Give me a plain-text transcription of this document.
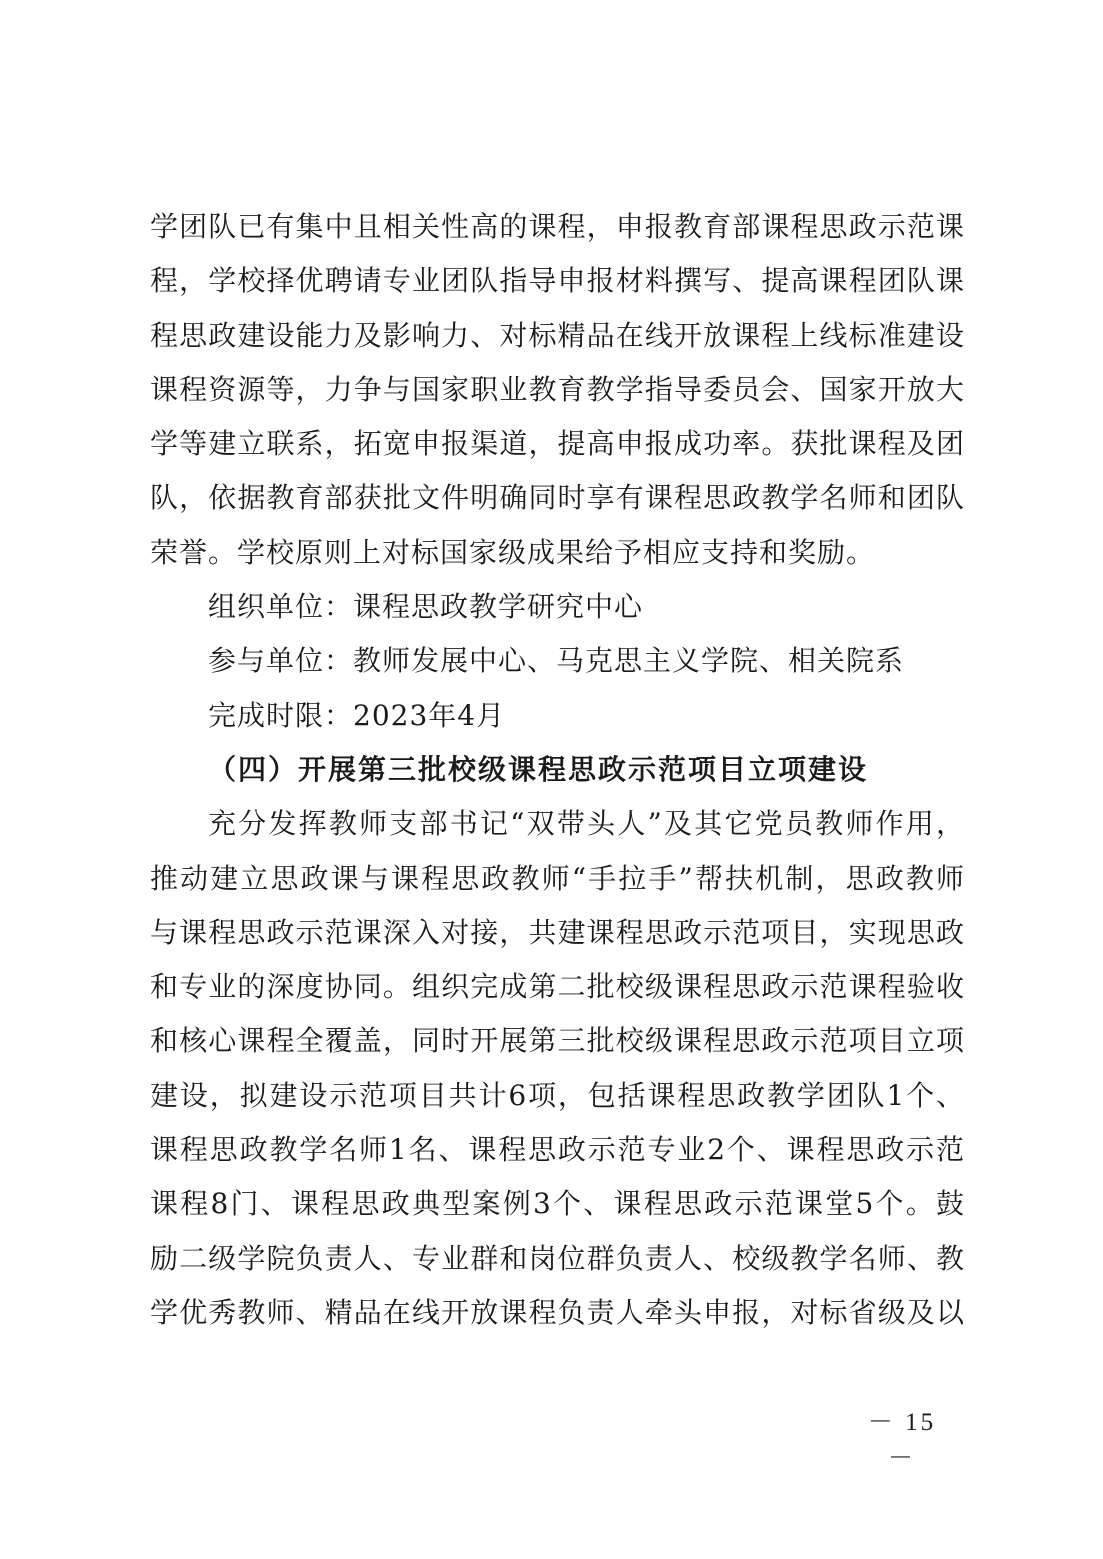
学团队已有集中且相关性高的课程，申报教育部课程思政示范课
程，学校择优聘请专业团队指导申报材料撰写、提高课程团队课
程思政建设能力及影响力、对标精品在线开放课程上线标准建设
课程资源等，力争与国家职业教育教学指导委员会、国家开放大
学等建立联系，拓宽申报渠道，提高申报成功率。获批课程及团
队，依据教育部获批文件明确同时享有课程思政教学名师和团队
荣誉。学校原则上对标国家级成果给予相应支持和奖励。
组织单位：课程思政教学研究中心
参与单位：教师发展中心、马克思主义学院、相关院系
完成时限：2023年4月
（四）开展第三批校级课程思政示范项目立项建设
充分发挥教师支部书记“双带头人”及其它党员教师作用，
推动建立思政课与课程思政教师“手拉手”帮扶机制，思政教师
与课程思政示范课深入对接，共建课程思政示范项目，实现思政
和专业的深度协同。组织完成第二批校级课程思政示范课程验收
和核心课程全覆盖，同时开展第三批校级课程思政示范项目立项
建设，拟建设示范项目共计6项，包括课程思政教学团队1个、
课程思政教学名师1名、课程思政示范专业2个、课程思政示范
课程8门、课程思政典型案例3个、课程思政示范课堂5个。鼓
励二级学院负责人、专业群和岗位群负责人、校级教学名师、教
学优秀教师、精品在线开放课程负责人牵头申报，对标省级及以
－ 15 －
